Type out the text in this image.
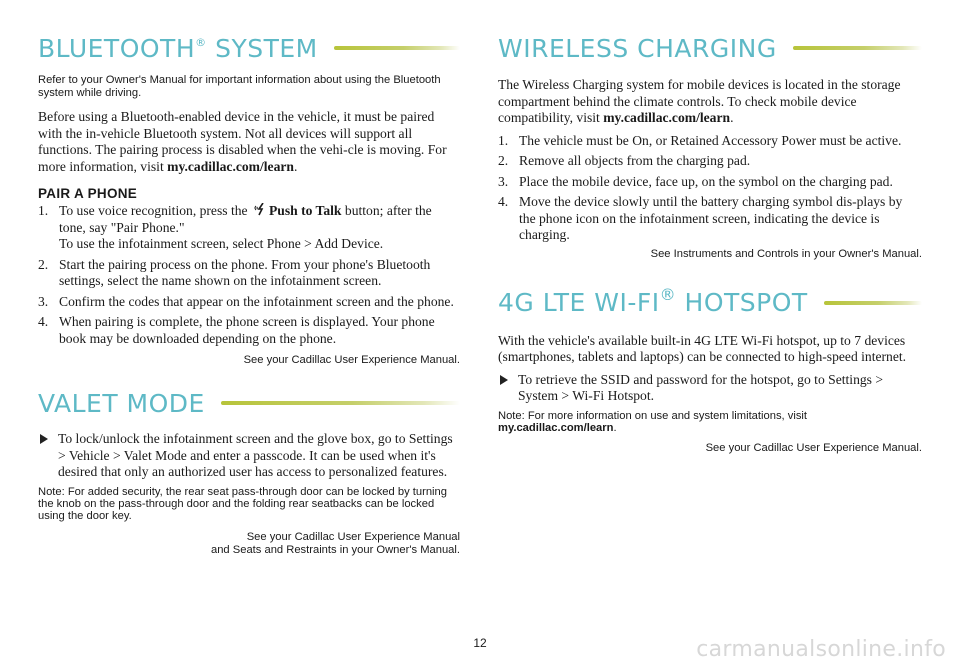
BLUETOOTH® SYSTEM

Refer to your Owner's Manual for important information about using the Bluetooth system while driving.

Before using a Bluetooth-enabled device in the vehicle, it must be paired with the in-vehicle Bluetooth system. Not all devices will support all functions. The pairing process is disabled when the vehi-cle is moving. For more information, visit my.cadillac.com/learn.

PAIR A PHONE

1. To use voice recognition, press the Push to Talk button; after the tone, say "Pair Phone."
To use the infotainment screen, select Phone > Add Device.
2. Start the pairing process on the phone. From your phone's Bluetooth settings, select the name shown on the infotainment screen.
3. Confirm the codes that appear on the infotainment screen and the phone.
4. When pairing is complete, the phone screen is displayed. Your phone book may be downloaded depending on the phone.

See your Cadillac User Experience Manual.

VALET MODE

To lock/unlock the infotainment screen and the glove box, go to Settings > Vehicle > Valet Mode and enter a passcode. It can be used when it's desired that only an authorized user has access to personalized features.

Note: For added security, the rear seat pass-through door can be locked by turning the knob on the pass-through door and the folding rear seatbacks can be locked using the door key.

See your Cadillac User Experience Manual
and Seats and Restraints in your Owner's Manual.

WIRELESS CHARGING

The Wireless Charging system for mobile devices is located in the storage compartment behind the climate controls. To check mobile device compatibility, visit my.cadillac.com/learn.

1. The vehicle must be On, or Retained Accessory Power must be active.
2. Remove all objects from the charging pad.
3. Place the mobile device, face up, on the symbol on the charging pad.
4. Move the device slowly until the battery charging symbol dis-plays by the phone icon on the infotainment screen, indicating the device is charging.

See Instruments and Controls in your Owner's Manual.

4G LTE WI-FI ® HOTSPOT

With the vehicle's available built-in 4G LTE Wi-Fi hotspot, up to 7 devices (smartphones, tablets and laptops) can be connected to high-speed internet.

To retrieve the SSID and password for the hotspot, go to Settings > System > Wi-Fi Hotspot.

Note: For more information on use and system limitations, visit my.cadillac.com/learn.

See your Cadillac User Experience Manual.

12	carmanualsonline.info
